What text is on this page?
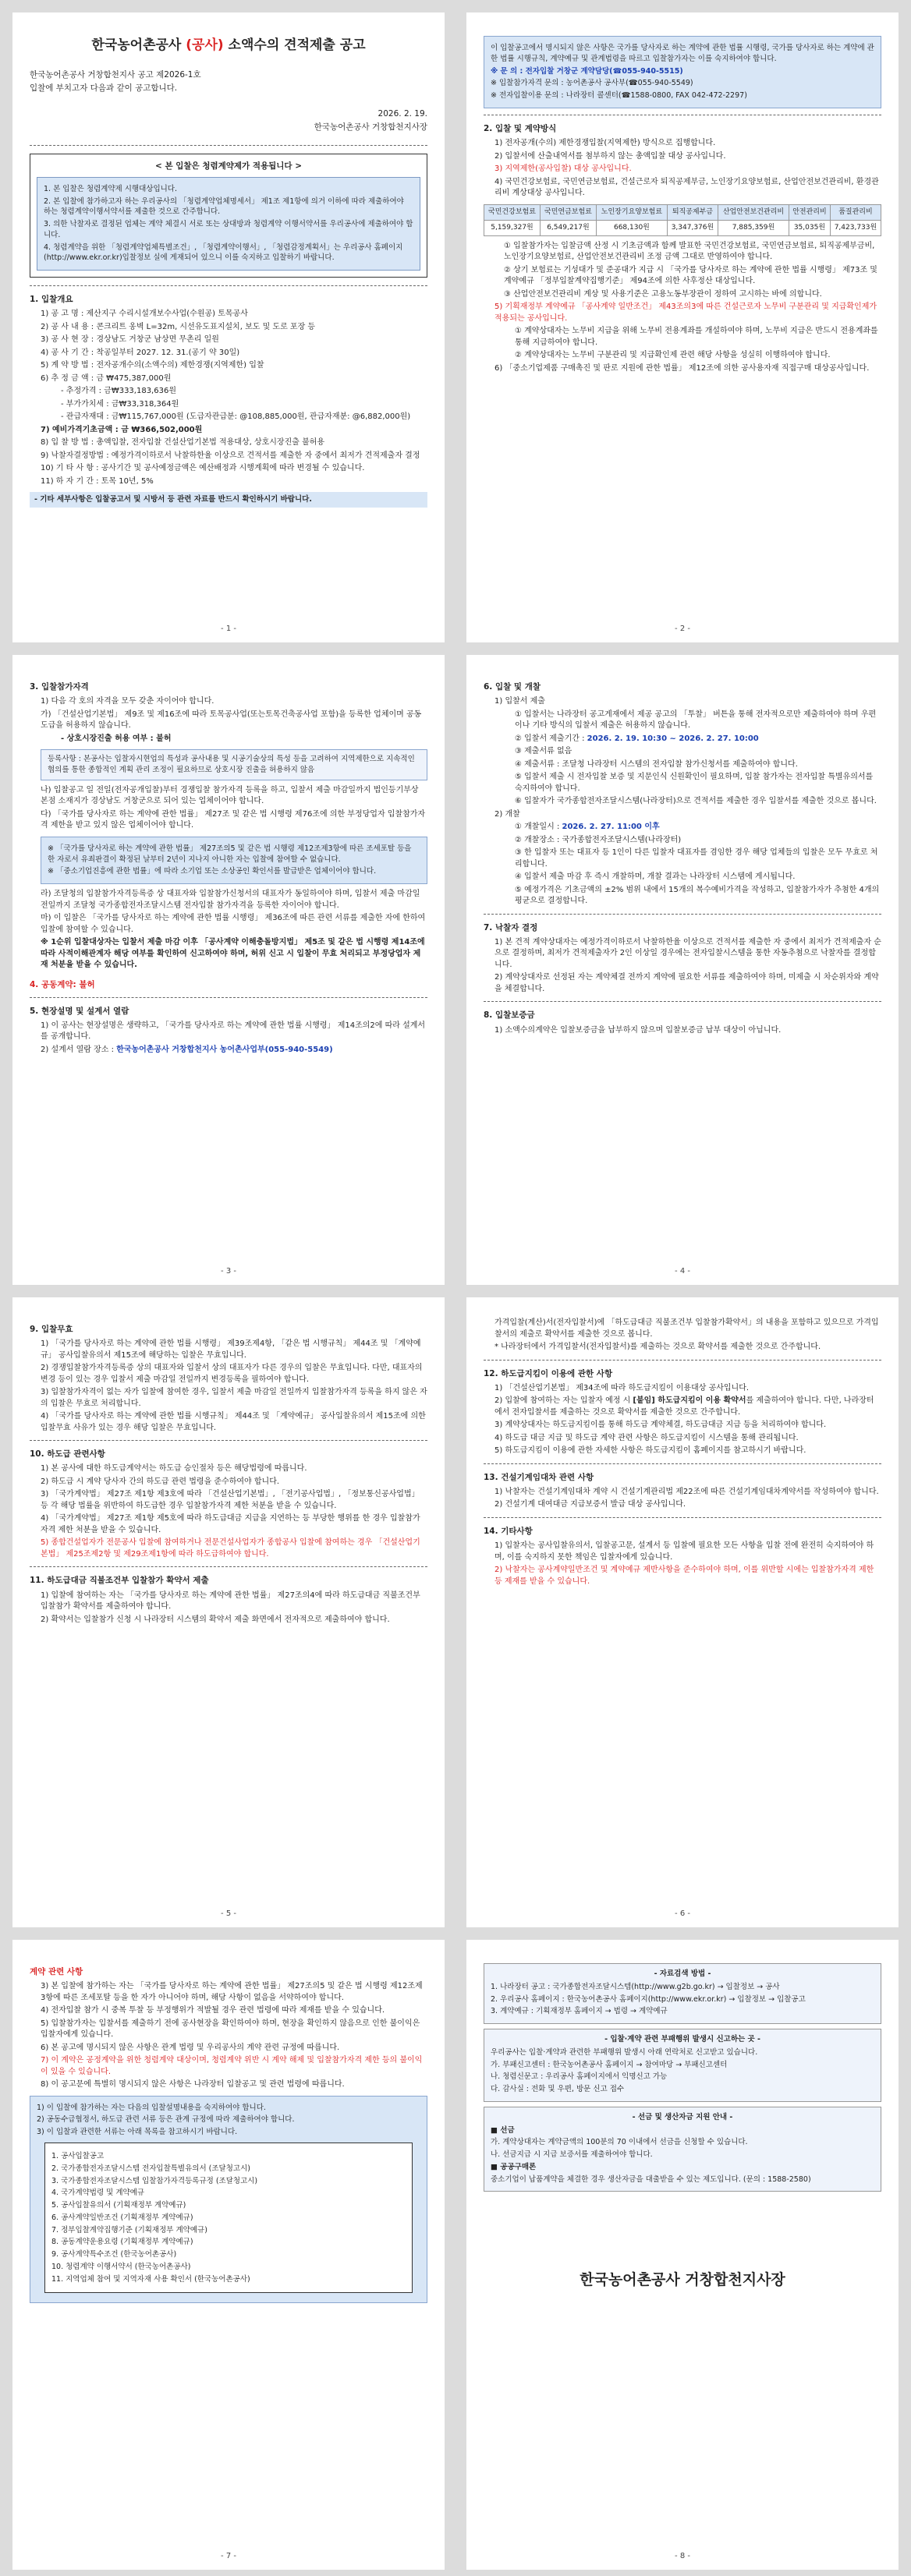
한국농어촌공사 (공사) 소액수의 견적제출 공고
한국농어촌공사 거창합천지사 공고 제2026-1호
입찰에 부치고자 다음과 같이 공고합니다.
2026. 2. 19.
한국농어촌공사 거창합천지사장
< 본 입찰은 청렴계약제가 적용됩니다 >
1. 본 입찰은 청렴계약제 시행대상입니다.
2. 본 입찰에 참가하고자 하는 우리공사의 「청렴계약업체명세서」 제1조 제1항에 의거 이하에 따라 제출하여야 하는 청렴계약이행서약서를 제출한 것으로 간주합니다.
3. 의한 낙찰자로 결정된 업체는 계약 체결시 서로 또는 상대방과 청렴계약 이행서약서를 우리공사에 제출하여야 합니다.
4. 청렴계약을 위한 「청렴계약업체특별조건」, 「청렴계약이행서」, 「청렴감정계획서」는 우리공사 홈페이지(http://www.ekr.or.kr)입찰정보 실에 게재되어 있으니 이를 숙지하고 입찰하기 바랍니다.
1. 입찰개요
1) 공 고 명 : 제산지구 수리시설개보수사업(수원공) 토목공사
2) 공 사 내 용 : 콘크리트 옹벽 L=32m, 시선유도표지설치, 보도 및 도로 포장 등
3) 공 사 현 장 : 경상남도 거창군 남상면 무촌리 일원
4) 공 사 기 간 : 착공일부터 2027. 12. 31.(공기 약 30일)
5) 계 약 방 법 : 전자공개수의(소액수의) 제한경쟁(지역제한) 입찰
6) 추 정 금 액 : 금 ₩475,387,000원
- 추정가격 : 금₩333,183,636원
- 부가가치세 : 금₩33,318,364원
- 관급자재대 : 금₩115,767,000원 (도급자관급분: @108,885,000원, 관급자재분: @6,882,000원)
7) 예비가격기초금액 : 금 ₩366,502,000원
8) 입 찰 방 법 : 총액입찰, 전자입찰 건설산업기본법 적용대상, 상호시장진출 불허용
9) 낙찰자결정방법 : 예정가격이하로서 낙찰하한율 이상으로 견적서를 제출한 자 중에서 최저가 견적제출자 결정
10) 기 타 사 항 : 공사기간 및 공사예정금액은 예산배정과 시행계획에 따라 변경될 수 있습니다.
11) 하 자 기 간 : 토목 10년, 5%
- 기타 세부사항은 입찰공고서 및 시방서 등 관련 자료를 반드시 확인하시기 바랍니다.
- 1 -
이 입찰공고에서 명시되지 않은 사항은 국가를 당사자로 하는 계약에 관한 법률 시행령, 국가를 당사자로 하는 계약에 관한 법률 시행규칙, 계약예규 및 관계법령을 따르고 입찰참가자는 이를 숙지하여야 합니다.
※ 문 의 : 전자입찰 거창군 계약담당(☎055-940-5515)
※ 입찰참가자격 문의 : 농어촌공사 공사부(☎055-940-5549)
※ 전자입찰이용 문의 : 나라장터 콜센터(☎1588-0800, FAX 042-472-2297)
2. 입찰 및 계약방식
1) 전자공개(수의) 제한경쟁입찰(지역제한) 방식으로 집행합니다.
2) 입찰서에 산출내역서를 첨부하지 않는 총액입찰 대상 공사입니다.
3) 지역제한(공사입찰) 대상 공사입니다.
4) 국민건강보험료, 국민연금보험료, 건설근로자 퇴직공제부금, 노인장기요양보험료, 산업안전보건관리비, 환경관리비 계상대상 공사입니다.
국민건강보험료	국민연금보험료	노인장기요양보험료	퇴직공제부금	산업안전보건관리비	안전관리비	품질관리비
5,159,327원	6,549,217원	668,130원	3,347,376원	7,885,359원	35,035원	7,423,733원
① 입찰참가자는 입찰금액 산정 시 기초금액과 함께 발표한 국민건강보험료, 국민연금보험료, 퇴직공제부금비, 노인장기요양보험료, 산업안전보건관리비 조정 금액 그대로 반영하여야 합니다.
② 상기 보험료는 기성대가 및 준공대가 지급 시 「국가를 당사자로 하는 계약에 관한 법률 시행령」 제73조 및 계약예규 「정부입찰계약집행기준」 제94조에 의한 사후정산 대상입니다.
③ 산업안전보건관리비 계상 및 사용기준은 고용노동부장관이 정하여 고시하는 바에 의합니다.
5) 기획재정부 계약예규 「공사계약 일반조건」 제43조의3에 따른 건설근로자 노무비 구분관리 및 지급확인제가 적용되는 공사입니다.
① 계약상대자는 노무비 지급을 위해 노무비 전용계좌를 개설하여야 하며, 노무비 지급은 반드시 전용계좌를 통해 지급하여야 합니다.
② 계약상대자는 노무비 구분관리 및 지급확인제 관련 해당 사항을 성실히 이행하여야 합니다.
6) 「중소기업제품 구매촉진 및 판로 지원에 관한 법률」 제12조에 의한 공사용자재 직접구매 대상공사입니다.
- 2 -
3. 입찰참가자격
1) 다음 각 호의 자격을 모두 갖춘 자이어야 합니다.
가) 「건설산업기본법」 제9조 및 제16조에 따라 토목공사업(또는토목건축공사업 포함)을 등록한 업체이며 공동도급을 허용하지 않습니다.
- 상호시장진출 허용 여부 : 불허
등록사항 : 본공사는 입찰자시현업의 특성과 공사내용 및 시공기술상의 특성 등을 고려하여 지역제한으로 지속적인 협의를 통한 종합적인 계획 관리 조정이 필요하므로 상호시장 진출을 허용하지 않음
나) 입찰공고 일 전일(전자공개입찰)부터 경쟁입찰 참가자격 등록을 하고, 입찰서 제출 마감일까지 법인등기부상 본점 소재지가 경상남도 거창군으로 되어 있는 업체이어야 합니다.
다) 「국가를 당사자로 하는 계약에 관한 법률」 제27조 및 같은 법 시행령 제76조에 의한 부정당업자 입찰참가자격 제한을 받고 있지 않은 업체이어야 합니다.
※ 「국가를 당사자로 하는 계약에 관한 법률」 제27조의5 및 같은 법 시행령 제12조제3항에 따른 조세포탈 등을 한 자로서 유죄판결이 확정된 날부터 2년이 지나지 아니한 자는 입찰에 참여할 수 없습니다.
※ 「중소기업진흥에 관한 법률」에 따라 소기업 또는 소상공인 확인서를 발급받은 업체이어야 합니다.
라) 조달청의 입찰참가자격등록증 상 대표자와 입찰참가신청서의 대표자가 동일하여야 하며, 입찰서 제출 마감일 전일까지 조달청 국가종합전자조달시스템 전자입찰 참가자격을 등록한 자이어야 합니다.
마) 이 입찰은 「국가를 당사자로 하는 계약에 관한 법률 시행령」 제36조에 따른 관련 서류를 제출한 자에 한하여 입찰에 참여할 수 있습니다.
※ 1순위 입찰대상자는 입찰서 제출 마감 이후 「공사계약 이해충돌방지법」 제5조 및 같은 법 시행령 제14조에 따라 사적이해관계자 해당 여부를 확인하여 신고하여야 하며, 허위 신고 시 입찰이 무효 처리되고 부정당업자 제재 처분을 받을 수 있습니다.
4. 공동계약: 불허
5. 현장설명 및 설계서 열람
1) 이 공사는 현장설명은 생략하고, 「국가를 당사자로 하는 계약에 관한 법률 시행령」 제14조의2에 따라 설계서를 공개합니다.
2) 설계서 열람 장소 : 한국농어촌공사 거창합천지사 농어촌사업부(055-940-5549)
- 3 -
6. 입찰 및 개찰
1) 입찰서 제출
① 입찰서는 나라장터 공고게재에서 제공 공고의 「투찰」 버튼을 통해 전자적으로만 제출하여야 하며 우편이나 기타 방식의 입찰서 제출은 허용하지 않습니다.
② 입찰서 제출기간 : 2026. 2. 19. 10:30 ~ 2026. 2. 27. 10:00
③ 제출서류 없음
④ 제출서류 : 조달청 나라장터 시스템의 전자입찰 참가신청서를 제출하여야 합니다.
⑤ 입찰서 제출 시 전자입찰 보증 및 지문인식 신원확인이 필요하며, 입찰 참가자는 전자입찰 특별유의서를 숙지하여야 합니다.
⑥ 입찰자가 국가종합전자조달시스템(나라장터)으로 견적서를 제출한 경우 입찰서를 제출한 것으로 봅니다.
2) 개찰
① 개찰일시 : 2026. 2. 27. 11:00 이후
② 개찰장소 : 국가종합전자조달시스템(나라장터)
③ 한 입찰자 또는 대표자 등 1인이 다른 입찰자 대표자를 겸임한 경우 해당 업체들의 입찰은 모두 무효로 처리합니다.
④ 입찰서 제출 마감 후 즉시 개찰하며, 개찰 결과는 나라장터 시스템에 게시됩니다.
⑤ 예정가격은 기초금액의 ±2% 범위 내에서 15개의 복수예비가격을 작성하고, 입찰참가자가 추첨한 4개의 평균으로 결정합니다.
7. 낙찰자 결정
1) 본 견적 계약상대자는 예정가격이하로서 낙찰하한율 이상으로 견적서를 제출한 자 중에서 최저가 견적제출자 순으로 결정하며, 최저가 견적제출자가 2인 이상일 경우에는 전자입찰시스템을 통한 자동추첨으로 낙찰자를 결정합니다.
2) 계약상대자로 선정된 자는 계약체결 전까지 계약에 필요한 서류를 제출하여야 하며, 미제출 시 차순위자와 계약을 체결합니다.
8. 입찰보증금
1) 소액수의계약은 입찰보증금을 납부하지 않으며 입찰보증금 납부 대상이 아닙니다.
- 4 -
9. 입찰무효
1) 「국가를 당사자로 하는 계약에 관한 법률 시행령」 제39조제4항, 「같은 법 시행규칙」 제44조 및 「계약예규」 공사입찰유의서 제15조에 해당하는 입찰은 무효입니다.
2) 경쟁입찰참가자격등록증 상의 대표자와 입찰서 상의 대표자가 다른 경우의 입찰은 무효입니다. 다만, 대표자의 변경 등이 있는 경우 입찰서 제출 마감일 전일까지 변경등록을 필하여야 합니다.
3) 입찰참가자격이 없는 자가 입찰에 참여한 경우, 입찰서 제출 마감일 전일까지 입찰참가자격 등록을 하지 않은 자의 입찰은 무효로 처리합니다.
4) 「국가를 당사자로 하는 계약에 관한 법률 시행규칙」 제44조 및 「계약예규」 공사입찰유의서 제15조에 의한 입찰무효 사유가 있는 경우 해당 입찰은 무효입니다.
10. 하도급 관련사항
1) 본 공사에 대한 하도급계약서는 하도급 승인절차 등은 해당법령에 따릅니다.
2) 하도급 시 계약 당사자 간의 하도급 관련 법령을 준수하여야 합니다.
3) 「국가계약법」 제27조 제1항 제3호에 따라 「건설산업기본법」, 「전기공사업법」, 「정보통신공사업법」 등 각 해당 법률을 위반하여 하도급한 경우 입찰참가자격 제한 처분을 받을 수 있습니다.
4) 「국가계약법」 제27조 제1항 제5호에 따라 하도급대금 지급을 지연하는 등 부당한 행위를 한 경우 입찰참가자격 제한 처분을 받을 수 있습니다.
5) 종합건설업자가 전문공사 입찰에 참여하거나 전문건설사업자가 종합공사 입찰에 참여하는 경우 「건설산업기본법」 제25조제2항 및 제29조제1항에 따라 하도급하여야 합니다.
11. 하도급대금 직불조건부 입찰참가 확약서 제출
1) 입찰에 참여하는 자는 「국가를 당사자로 하는 계약에 관한 법률」 제27조의4에 따라 하도급대금 직불조건부 입찰참가 확약서를 제출하여야 합니다.
2) 확약서는 입찰참가 신청 시 나라장터 시스템의 확약서 제출 화면에서 전자적으로 제출하여야 합니다.
- 5 -
가격입찰(계산)서(전자입찰서)에 「하도급대금 직불조건부 입찰참가확약서」의 내용을 포함하고 있으므로 가격입찰서의 제출로 확약서를 제출한 것으로 봅니다.
* 나라장터에서 가격입찰서(전자입찰서)를 제출하는 것으로 확약서를 제출한 것으로 간주합니다.
12. 하도급지킴이 이용에 관한 사항
1) 「건설산업기본법」 제34조에 따라 하도급지킴이 이용대상 공사입니다.
2) 입찰에 참여하는 자는 입찰자 예정 시 [붙임] 하도급지킴이 이용 확약서를 제출하여야 합니다. 다만, 나라장터에서 전자입찰서를 제출하는 것으로 확약서를 제출한 것으로 간주합니다.
3) 계약상대자는 하도급지킴이를 통해 하도급 계약체결, 하도급대금 지급 등을 처리하여야 합니다.
4) 하도급 대금 지급 및 하도급 계약 관련 사항은 하도급지킴이 시스템을 통해 관리됩니다.
5) 하도급지킴이 이용에 관한 자세한 사항은 하도급지킴이 홈페이지를 참고하시기 바랍니다.
13. 건설기계임대차 관련 사항
1) 낙찰자는 건설기계임대차 계약 시 건설기계관리법 제22조에 따른 건설기계임대차계약서를 작성하여야 합니다.
2) 건설기계 대여대금 지급보증서 발급 대상 공사입니다.
14. 기타사항
1) 입찰자는 공사입찰유의서, 입찰공고문, 설계서 등 입찰에 필요한 모든 사항을 입찰 전에 완전히 숙지하여야 하며, 이를 숙지하지 못한 책임은 입찰자에게 있습니다.
2) 낙찰자는 공사계약일반조건 및 계약예규 제반사항을 준수하여야 하며, 이를 위반할 시에는 입찰참가자격 제한 등 제재를 받을 수 있습니다.
- 6 -
계약 관련 사항
3) 본 입찰에 참가하는 자는 「국가를 당사자로 하는 계약에 관한 법률」 제27조의5 및 같은 법 시행령 제12조제3항에 따른 조세포탈 등을 한 자가 아니어야 하며, 해당 사항이 없음을 서약하여야 합니다.
4) 전자입찰 참가 시 중복 투찰 등 부정행위가 적발될 경우 관련 법령에 따라 제재를 받을 수 있습니다.
5) 입찰참가자는 입찰서를 제출하기 전에 공사현장을 확인하여야 하며, 현장을 확인하지 않음으로 인한 불이익은 입찰자에게 있습니다.
6) 본 공고에 명시되지 않은 사항은 관계 법령 및 우리공사의 계약 관련 규정에 따릅니다.
7) 이 계약은 공정계약을 위한 청렴계약 대상이며, 청렴계약 위반 시 계약 해제 및 입찰참가자격 제한 등의 불이익이 있을 수 있습니다.
8) 이 공고문에 특별히 명시되지 않은 사항은 나라장터 입찰공고 및 관련 법령에 따릅니다.
1) 이 입찰에 참가하는 자는 다음의 입찰설명내용을 숙지하여야 합니다.
2) 공동수급협정서, 하도급 관련 서류 등은 관계 규정에 따라 제출하여야 합니다.
3) 이 입찰과 관련한 서류는 아래 목록을 참고하시기 바랍니다.
1. 공사입찰공고
2. 국가종합전자조달시스템 전자입찰특별유의서 (조달청고시)
3. 국가종합전자조달시스템 입찰참가자격등록규정 (조달청고시)
4. 국가계약법령 및 계약예규
5. 공사입찰유의서 (기획재정부 계약예규)
6. 공사계약일반조건 (기획재정부 계약예규)
7. 정부입찰계약집행기준 (기획재정부 계약예규)
8. 공동계약운용요령 (기획재정부 계약예규)
9. 공사계약특수조건 (한국농어촌공사)
10. 청렴계약 이행서약서 (한국농어촌공사)
11. 지역업체 참여 및 지역자재 사용 확인서 (한국농어촌공사)
- 7 -
- 자료검색 방법 -
1. 나라장터 공고 : 국가종합전자조달시스템(http://www.g2b.go.kr) → 입찰정보 → 공사
2. 우리공사 홈페이지 : 한국농어촌공사 홈페이지(http://www.ekr.or.kr) → 입찰정보 → 입찰공고
3. 계약예규 : 기획재정부 홈페이지 → 법령 → 계약예규
- 입찰·계약 관련 부패행위 발생시 신고하는 곳 -
우리공사는 입찰·계약과 관련한 부패행위 발생시 아래 연락처로 신고받고 있습니다.
가. 부패신고센터 : 한국농어촌공사 홈페이지 → 참여마당 → 부패신고센터
나. 청렴신문고 : 우리공사 홈페이지에서 익명신고 가능
다. 감사실 : 전화 및 우편, 방문 신고 접수
- 선금 및 생산자금 지원 안내 -
■ 선금
가. 계약상대자는 계약금액의 100분의 70 이내에서 선금을 신청할 수 있습니다.
나. 선금지급 시 지급 보증서를 제출하여야 합니다.
■ 공공구매론
중소기업이 납품계약을 체결한 경우 생산자금을 대출받을 수 있는 제도입니다. (문의 : 1588-2580)
한국농어촌공사 거창합천지사장
- 8 -
